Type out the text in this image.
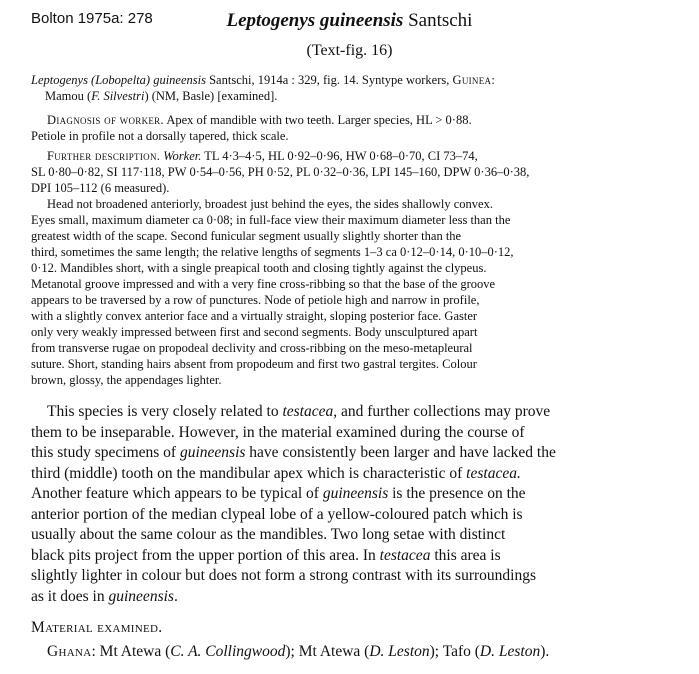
Bolton 1975a: 278	Leptogenys guineensis Santschi
(Text-fig. 16)

Leptogenys (Lobopelta) guineensis Santschi, 1914a : 329, fig. 14. Syntype workers, Guinea:
Mamou (F. Silvestri) (NM, Basle) [examined].

Diagnosis of worker. Apex of mandible with two teeth. Larger species, HL > 0·88.
Petiole in profile not a dorsally tapered, thick scale.
Further description. Worker. TL 4·3–4·5, HL 0·92–0·96, HW 0·68–0·70, CI 73–74,
SL 0·80–0·82, SI 117·118, PW 0·54–0·56, PH 0·52, PL 0·32–0·36, LPI 145–160, DPW 0·36–0·38,
DPI 105–112 (6 measured).
Head not broadened anteriorly, broadest just behind the eyes, the sides shallowly convex.
Eyes small, maximum diameter ca 0·08; in full-face view their maximum diameter less than the
greatest width of the scape. Second funicular segment usually slightly shorter than the
third, sometimes the same length; the relative lengths of segments 1–3 ca 0·12–0·14, 0·10–0·12,
0·12. Mandibles short, with a single preapical tooth and closing tightly against the clypeus.
Metanotal groove impressed and with a very fine cross-ribbing so that the base of the groove
appears to be traversed by a row of punctures. Node of petiole high and narrow in profile,
with a slightly convex anterior face and a virtually straight, sloping posterior face. Gaster
only very weakly impressed between first and second segments. Body unsculptured apart
from transverse rugae on propodeal declivity and cross-ribbing on the meso-metapleural
suture. Short, standing hairs absent from propodeum and first two gastral tergites. Colour
brown, glossy, the appendages lighter.
This species is very closely related to testacea, and further collections may prove
them to be inseparable. However, in the material examined during the course of
this study specimens of guineensis have consistently been larger and have lacked the
third (middle) tooth on the mandibular apex which is characteristic of testacea.
Another feature which appears to be typical of guineensis is the presence on the
anterior portion of the median clypeal lobe of a yellow-coloured patch which is
usually about the same colour as the mandibles. Two long setae with distinct
black pits project from the upper portion of this area. In testacea this area is
slightly lighter in colour but does not form a strong contrast with its surroundings
as it does in guineensis.
Material examined.
Ghana: Mt Atewa (C. A. Collingwood); Mt Atewa (D. Leston); Tafo (D. Leston).
